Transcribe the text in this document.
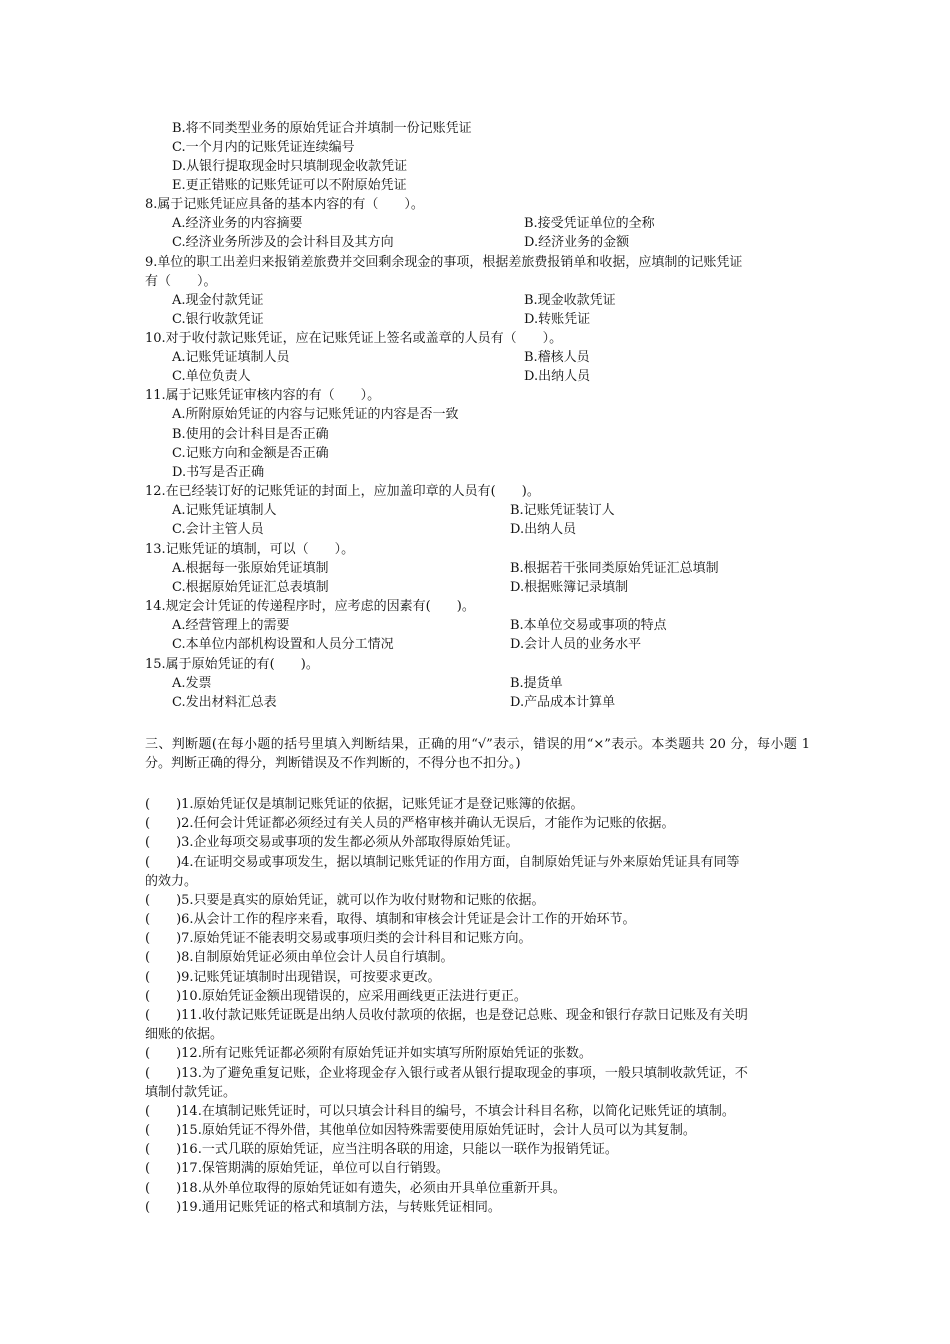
B.将不同类型业务的原始凭证合并填制一份记账凭证
C.一个月内的记账凭证连续编号
D.从银行提取现金时只填制现金收款凭证
E.更正错账的记账凭证可以不附原始凭证
8.属于记账凭证应具备的基本内容的有（　　）。
A.经济业务的内容摘要	B.接受凭证单位的全称
C.经济业务所涉及的会计科目及其方向	D.经济业务的金额
9.单位的职工出差归来报销差旅费并交回剩余现金的事项，根据差旅费报销单和收据，应填制的记账凭证
有（　　）。
A.现金付款凭证	B.现金收款凭证
C.银行收款凭证	D.转账凭证
10.对于收付款记账凭证，应在记账凭证上签名或盖章的人员有（　　）。
A.记账凭证填制人员	B.稽核人员
C.单位负责人	D.出纳人员
11.属于记账凭证审核内容的有（　　）。
A.所附原始凭证的内容与记账凭证的内容是否一致
B.使用的会计科目是否正确
C.记账方向和金额是否正确
D.书写是否正确
12.在已经装订好的记账凭证的封面上，应加盖印章的人员有(　　)。
A.记账凭证填制人	B.记账凭证装订人
C.会计主管人员	D.出纳人员
13.记账凭证的填制，可以（　　）。
A.根据每一张原始凭证填制	B.根据若干张同类原始凭证汇总填制
C.根据原始凭证汇总表填制	D.根据账簿记录填制
14.规定会计凭证的传递程序时，应考虑的因素有(　　)。
A.经营管理上的需要	B.本单位交易或事项的特点
C.本单位内部机构设置和人员分工情况	D.会计人员的业务水平
15.属于原始凭证的有(　　)。
A.发票	B.提货单
C.发出材料汇总表	D.产品成本计算单
三、判断题(在每小题的括号里填入判断结果，正确的用“√”表示，错误的用“×”表示。本类题共 20 分，每小题 1 分。判断正确的得分，判断错误及不作判断的，不得分也不扣分。)
(　　)1.原始凭证仅是填制记账凭证的依据，记账凭证才是登记账簿的依据。
(　　)2.任何会计凭证都必须经过有关人员的严格审核并确认无误后，才能作为记账的依据。
(　　)3.企业每项交易或事项的发生都必须从外部取得原始凭证。
(　　)4.在证明交易或事项发生，据以填制记账凭证的作用方面，自制原始凭证与外来原始凭证具有同等
的效力。
(　　)5.只要是真实的原始凭证，就可以作为收付财物和记账的依据。
(　　)6.从会计工作的程序来看，取得、填制和审核会计凭证是会计工作的开始环节。
(　　)7.原始凭证不能表明交易或事项归类的会计科目和记账方向。
(　　)8.自制原始凭证必须由单位会计人员自行填制。
(　　)9.记账凭证填制时出现错误，可按要求更改。
(　　)10.原始凭证金额出现错误的，应采用画线更正法进行更正。
(　　)11.收付款记账凭证既是出纳人员收付款项的依据，也是登记总账、现金和银行存款日记账及有关明
细账的依据。
(　　)12.所有记账凭证都必须附有原始凭证并如实填写所附原始凭证的张数。
(　　)13.为了避免重复记账，企业将现金存入银行或者从银行提取现金的事项，一般只填制收款凭证，不
填制付款凭证。
(　　)14.在填制记账凭证时，可以只填会计科目的编号，不填会计科目名称，以简化记账凭证的填制。
(　　)15.原始凭证不得外借，其他单位如因特殊需要使用原始凭证时，会计人员可以为其复制。
(　　)16.一式几联的原始凭证，应当注明各联的用途，只能以一联作为报销凭证。
(　　)17.保管期满的原始凭证，单位可以自行销毁。
(　　)18.从外单位取得的原始凭证如有遗失，必须由开具单位重新开具。
(　　)19.通用记账凭证的格式和填制方法，与转账凭证相同。
